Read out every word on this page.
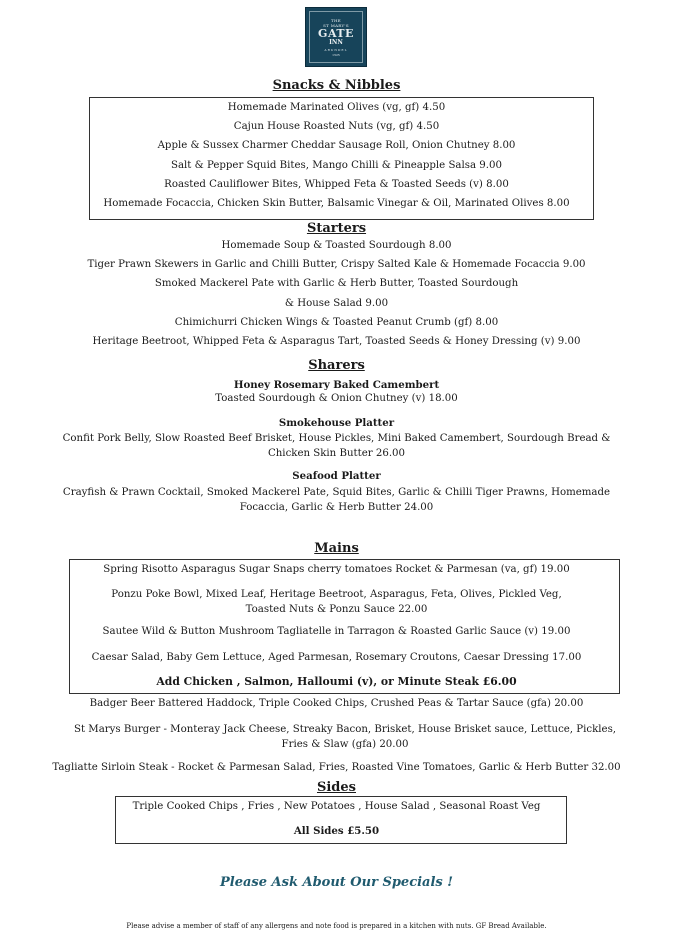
THE
ST MARY'S
GATE
INN
ARUNDEL
1525
Snacks & Nibbles
Homemade Marinated Olives (vg, gf) 4.50
Cajun House Roasted Nuts (vg, gf) 4.50
Apple & Sussex Charmer Cheddar Sausage Roll, Onion Chutney 8.00
Salt & Pepper Squid Bites, Mango Chilli & Pineapple Salsa 9.00
Roasted Cauliflower Bites, Whipped Feta & Toasted Seeds (v) 8.00
Homemade Focaccia, Chicken Skin Butter, Balsamic Vinegar & Oil, Marinated Olives 8.00
Starters
Homemade Soup & Toasted Sourdough 8.00
Tiger Prawn Skewers in Garlic and Chilli Butter, Crispy Salted Kale & Homemade Focaccia 9.00
Smoked Mackerel Pate with Garlic & Herb Butter, Toasted Sourdough
& House Salad 9.00
Chimichurri Chicken Wings & Toasted Peanut Crumb (gf) 8.00
Heritage Beetroot, Whipped Feta & Asparagus Tart, Toasted Seeds & Honey Dressing (v) 9.00
Sharers
Honey Rosemary Baked Camembert
Toasted Sourdough & Onion Chutney (v) 18.00
Smokehouse Platter
Confit Pork Belly, Slow Roasted Beef Brisket, House Pickles, Mini Baked Camembert, Sourdough Bread & Chicken Skin Butter 26.00
Seafood Platter
Crayfish & Prawn Cocktail, Smoked Mackerel Pate, Squid Bites, Garlic & Chilli Tiger Prawns, Homemade Focaccia, Garlic & Herb Butter 24.00
Mains
Spring Risotto Asparagus Sugar Snaps cherry tomatoes Rocket & Parmesan (va, gf) 19.00
Ponzu Poke Bowl, Mixed Leaf, Heritage Beetroot, Asparagus, Feta, Olives, Pickled Veg, Toasted Nuts & Ponzu Sauce 22.00
Sautee Wild & Button Mushroom Tagliatelle in Tarragon & Roasted Garlic Sauce (v) 19.00
Caesar Salad, Baby Gem Lettuce, Aged Parmesan, Rosemary Croutons, Caesar Dressing 17.00
Add Chicken , Salmon, Halloumi (v), or Minute Steak £6.00
Badger Beer Battered Haddock, Triple Cooked Chips, Crushed Peas & Tartar Sauce (gfa) 20.00
St Marys Burger - Monteray Jack Cheese, Streaky Bacon, Brisket, House Brisket sauce, Lettuce, Pickles, Fries & Slaw (gfa) 20.00
Tagliatte Sirloin Steak - Rocket & Parmesan Salad, Fries, Roasted Vine Tomatoes, Garlic & Herb Butter 32.00
Sides
Triple Cooked Chips , Fries , New Potatoes , House Salad , Seasonal Roast Veg
All Sides £5.50
Please Ask About Our Specials !
Please advise a member of staff of any allergens and note food is prepared in a kitchen with nuts. GF Bread Available.
